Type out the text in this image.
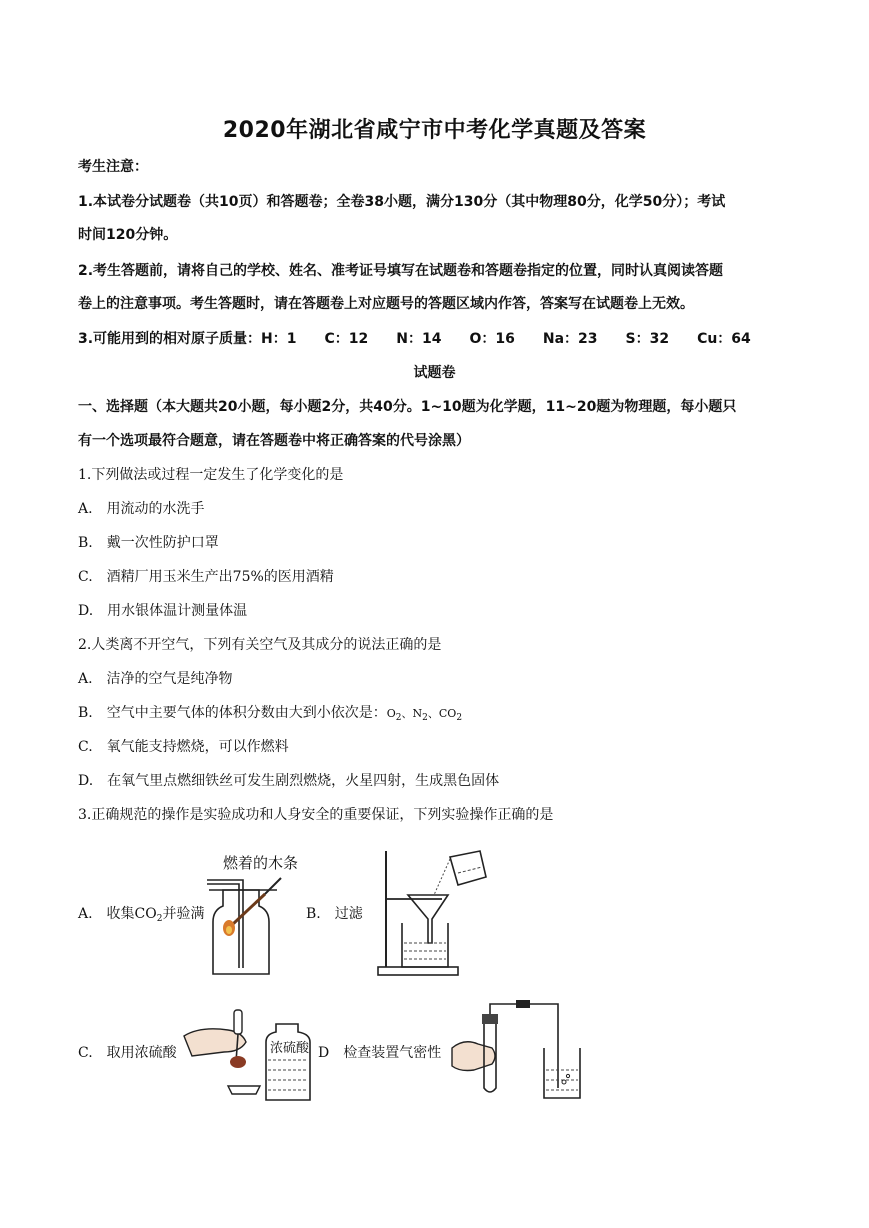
2020年湖北省咸宁市中考化学真题及答案
考生注意：
1.本试卷分试题卷（共10页）和答题卷；全卷38小题，满分130分（其中物理80分，化学50分）；考试
时间120分钟。
2.考生答题前，请将自己的学校、姓名、准考证号填写在试题卷和答题卷指定的位置，同时认真阅读答题
卷上的注意事项。考生答题时，请在答题卷上对应题号的答题区域内作答，答案写在试题卷上无效。
3.可能用到的相对原子质量：H：1　　C：12　　N：14　　O：16　　Na：23　　S：32　　Cu：64
试题卷
一、选择题（本大题共20小题，每小题2分，共40分。1~10题为化学题，11~20题为物理题，每小题只
有一个选项最符合题意，请在答题卷中将正确答案的代号涂黑）
1.下列做法或过程一定发生了化学变化的是
A.　用流动的水洗手
B.　戴一次性防护口罩
C.　酒精厂用玉米生产出75%的医用酒精
D.　用水银体温计测量体温
2.人类离不开空气，下列有关空气及其成分的说法正确的是
A.　洁净的空气是纯净物
B.　空气中主要气体的体积分数由大到小依次是：$O_2$、$N_2$、$CO_2$
C.　氧气能支持燃烧，可以作燃料
D.　在氧气里点燃细铁丝可发生剧烈燃烧，火星四射，生成黑色固体
3.正确规范的操作是实验成功和人身安全的重要保证，下列实验操作正确的是
A.　收集$CO_2$并验满
燃着的木条
B.　过滤
C.　取用浓硫酸	浓硫酸 D　检查装置气密性
